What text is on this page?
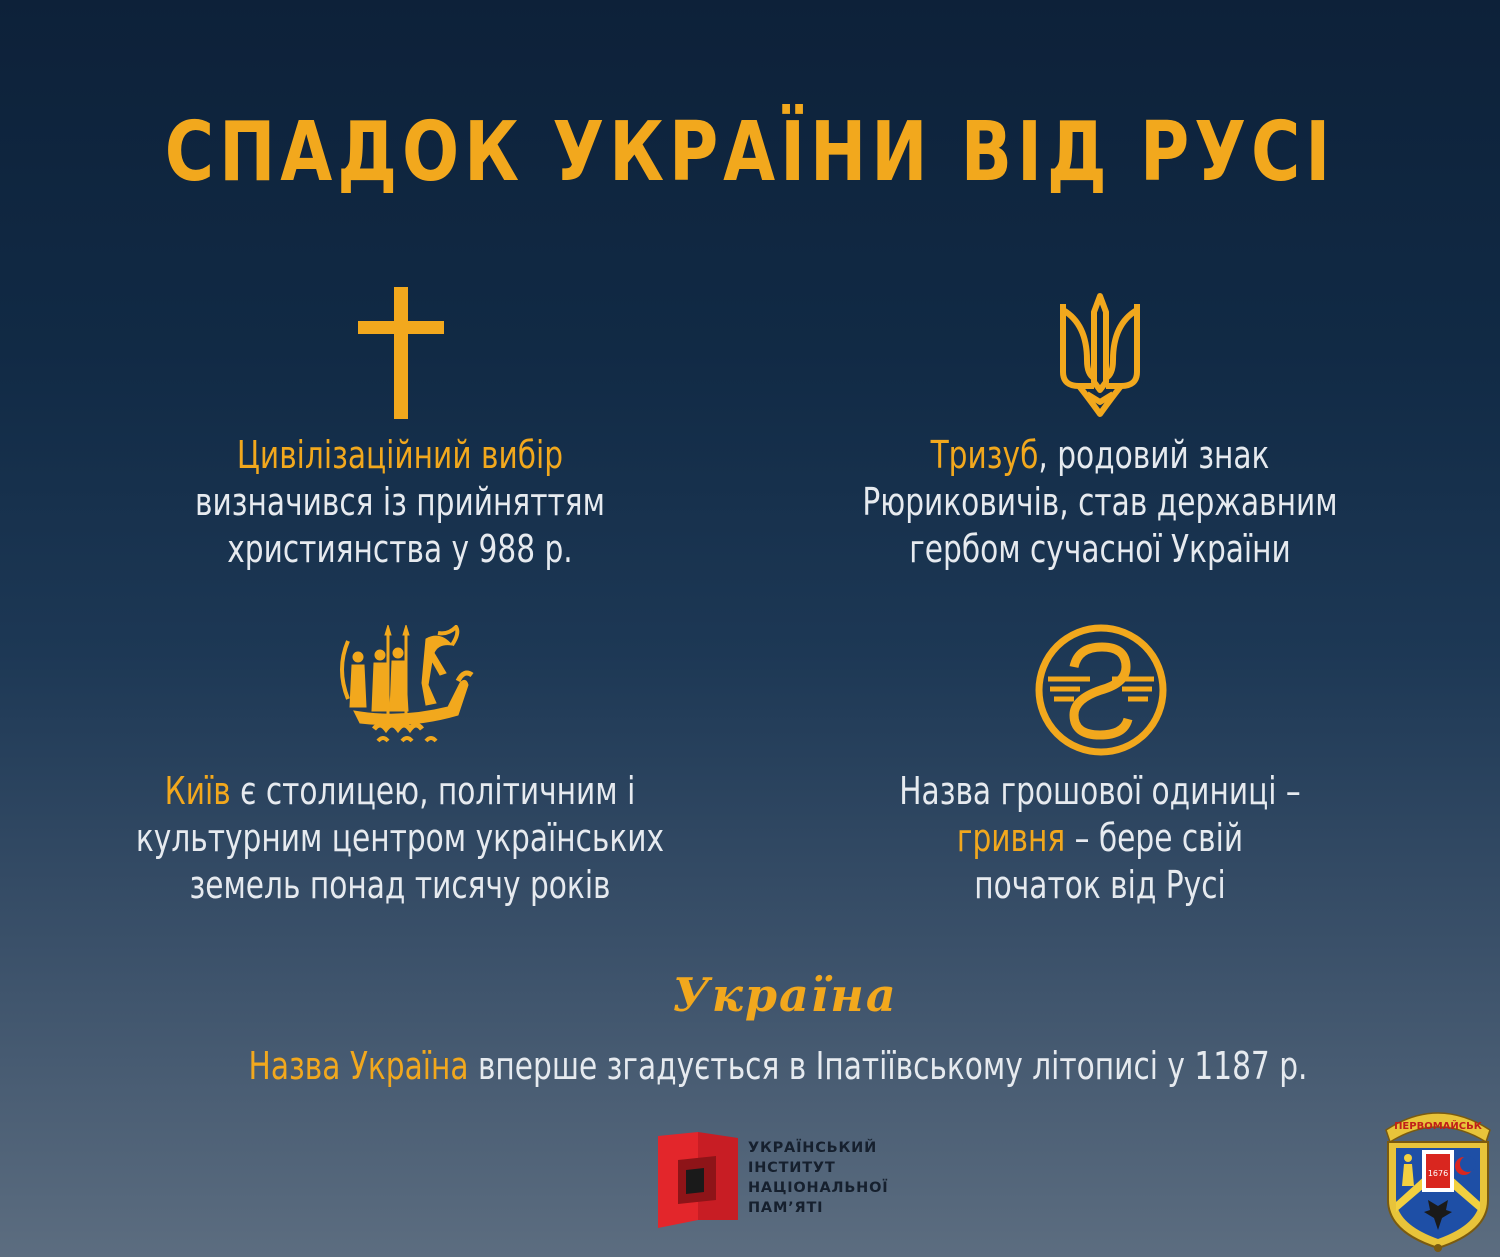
СПАДОК УКРАЇНИ ВІД РУСІ
Цивілізаційний вибір
визначився із прийняттям
християнства у 988 р.
Тризуб, родовий знак
Рюриковичів, став державним
гербом сучасної України
Київ є столицею, політичним і
культурним центром українських
земель понад тисячу років
Назва грошової одиниці –
гривня – бере свій
початок від Русі
Україна
Назва Україна вперше згадується в Іпатіївському літописі у 1187 р.
УКРАЇНСЬКИЙ
ІНСТИТУТ
НАЦІОНАЛЬНОЇ
ПАМ’ЯТІ
ПЕРВОМАЙСЬК
1676
